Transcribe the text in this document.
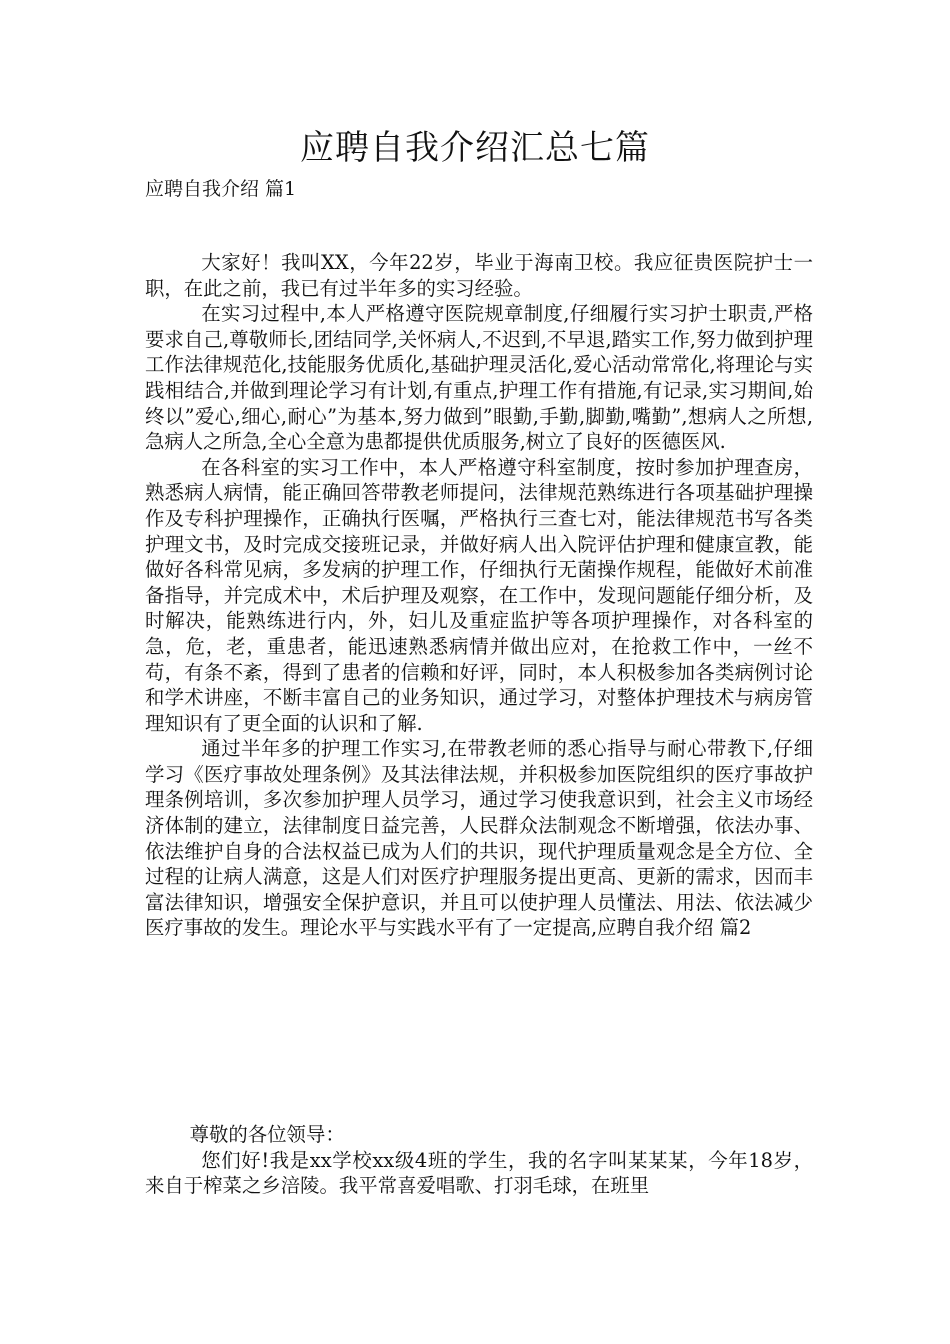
应聘自我介绍汇总七篇
应聘自我介绍 篇1

大家好！我叫XX，今年22岁，毕业于海南卫校。我应征贵医院护士一职，在此之前，我已有过半年多的实习经验。

在实习过程中,本人严格遵守医院规章制度,仔细履行实习护士职责,严格要求自己,尊敬师长,团结同学,关怀病人,不迟到,不早退,踏实工作,努力做到护理工作法律规范化,技能服务优质化,基础护理灵活化,爱心活动常常化,将理论与实践相结合,并做到理论学习有计划,有重点,护理工作有措施,有记录,实习期间,始终以”爱心,细心,耐心”为基本,努力做到”眼勤,手勤,脚勤,嘴勤”,想病人之所想,急病人之所急,全心全意为患都提供优质服务,树立了良好的医德医风.

在各科室的实习工作中，本人严格遵守科室制度，按时参加护理查房，熟悉病人病情，能正确回答带教老师提问，法律规范熟练进行各项基础护理操作及专科护理操作，正确执行医嘱，严格执行三查七对，能法律规范书写各类护理文书，及时完成交接班记录，并做好病人出入院评估护理和健康宣教，能做好各科常见病，多发病的护理工作，仔细执行无菌操作规程，能做好术前准备指导，并完成术中，术后护理及观察，在工作中，发现问题能仔细分析，及时解决，能熟练进行内，外，妇儿及重症监护等各项护理操作，对各科室的急，危，老，重患者，能迅速熟悉病情并做出应对，在抢救工作中，一丝不苟，有条不紊，得到了患者的信赖和好评，同时，本人积极参加各类病例讨论和学术讲座，不断丰富自己的业务知识，通过学习，对整体护理技术与病房管理知识有了更全面的认识和了解.

通过半年多的护理工作实习,在带教老师的悉心指导与耐心带教下,仔细学习《医疗事故处理条例》及其法律法规，并积极参加医院组织的医疗事故护理条例培训，多次参加护理人员学习，通过学习使我意识到，社会主义市场经济体制的建立，法律制度日益完善，人民群众法制观念不断增强，依法办事、依法维护自身的合法权益已成为人们的共识，现代护理质量观念是全方位、全过程的让病人满意，这是人们对医疗护理服务提出更高、更新的需求，因而丰富法律知识，增强安全保护意识，并且可以使护理人员懂法、用法、依法减少医疗事故的发生。理论水平与实践水平有了一定提高,应聘自我介绍 篇2

尊敬的各位领导：

您们好!我是xx学校xx级4班的学生，我的名字叫某某某，今年18岁，来自于榨菜之乡涪陵。我平常喜爱唱歌、打羽毛球，在班里
